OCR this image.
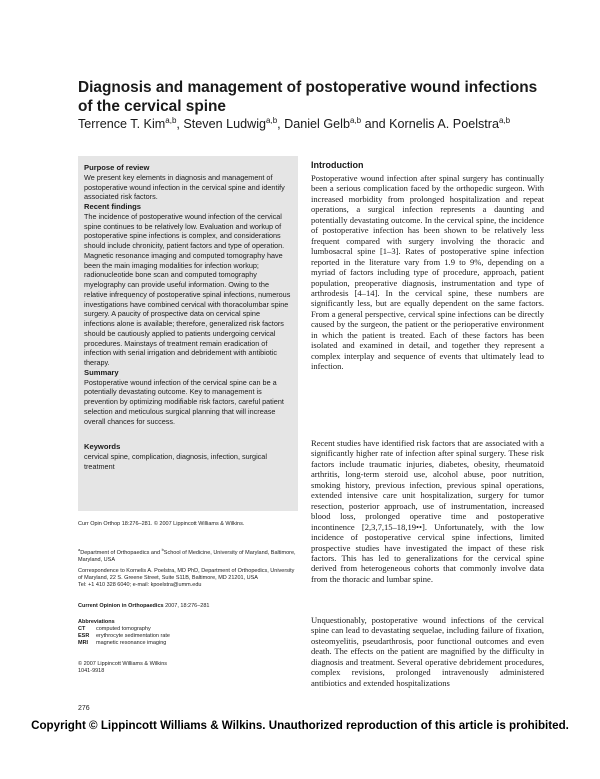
Diagnosis and management of postoperative wound infections of the cervical spine
Terrence T. Kim$^{a,b}$, Steven Ludwig$^{a,b}$, Daniel Gelb$^{a,b}$ and Kornelis A. Poelstra$^{a,b}$
Purpose of review

We present key elements in diagnosis and management of postoperative wound infection in the cervical spine and identify associated risk factors.

Recent findings

The incidence of postoperative wound infection of the cervical spine continues to be relatively low. Evaluation and workup of postoperative spine infections is complex, and considerations should include chronicity, patient factors and type of operation. Magnetic resonance imaging and computed tomography have been the main imaging modalities for infection workup; radionucleotide bone scan and computed tomography myelography can provide useful information. Owing to the relative infrequency of postoperative spinal infections, numerous investigations have combined cervical with thoracolumbar spine surgery. A paucity of prospective data on cervical spine infections alone is available; therefore, generalized risk factors should be cautiously applied to patients undergoing cervical procedures. Mainstays of treatment remain eradication of infection with serial irrigation and debridement with antibiotic therapy.

Summary

Postoperative wound infection of the cervical spine can be a potentially devastating outcome. Key to management is prevention by optimizing modifiable risk factors, careful patient selection and meticulous surgical planning that will increase overall chances for success.

Keywords

cervical spine, complication, diagnosis, infection, surgical treatment

Curr Opin Orthop 18:276–281. © 2007 Lippincott Williams & Wilkins.

$^a$Department of Orthopaedics and $^b$School of Medicine, University of Maryland, Baltimore, Maryland, USA

Correspondence to Kornelis A. Poelstra, MD PhD, Department of Orthopedics, University of Maryland, 22 S. Greene Street, Suite S11B, Baltimore, MD 21201, USA

Tel: +1 410 328 6040; e-mail: kpoelstra@umm.edu

Current Opinion in Orthopaedics 2007, 18:276–281

Abbreviations

CT	computed tomography
ESR	erythrocyte sedimentation rate
MRI	magnetic resonance imaging

© 2007 Lippincott Williams & Wilkins

1041-9918

Introduction

Postoperative wound infection after spinal surgery has continually been a serious complication faced by the orthopedic surgeon. With increased morbidity from prolonged hospitalization and repeat operations, a surgical infection represents a daunting and potentially devastating outcome. In the cervical spine, the incidence of postoperative infection has been shown to be relatively less frequent compared with surgery involving the thoracic and lumbosacral spine [1–3]. Rates of postoperative spine infection reported in the literature vary from 1.9 to 9%, depending on a myriad of factors including type of procedure, approach, patient population, preoperative diagnosis, instrumentation and type of arthrodesis [4–14]. In the cervical spine, these numbers are significantly less, but are equally dependent on the same factors. From a general perspective, cervical spine infections can be directly caused by the surgeon, the patient or the perioperative environment in which the patient is treated. Each of these factors has been isolated and examined in detail, and together they represent a complex interplay and sequence of events that ultimately lead to infection.

Recent studies have identified risk factors that are associated with a significantly higher rate of infection after spinal surgery. These risk factors include traumatic injuries, diabetes, obesity, rheumatoid arthritis, long-term steroid use, alcohol abuse, poor nutrition, smoking history, previous infection, previous spinal operations, extended intensive care unit hospitalization, surgery for tumor resection, posterior approach, use of instrumentation, increased blood loss, prolonged operative time and postoperative incontinence [2,3,7,15–18,19••]. Unfortunately, with the low incidence of postoperative cervical spine infections, limited prospective studies have investigated the impact of these risk factors. This has led to generalizations for the cervical spine derived from heterogeneous cohorts that commonly involve data from the thoracic and lumbar spine.

Unquestionably, postoperative wound infections of the cervical spine can lead to devastating sequelae, including failure of fixation, osteomyelitis, pseudarthrosis, poor functional outcomes and even death. The effects on the patient are magnified by the difficulty in diagnosis and treatment. Several operative debridement procedures, complex revisions, prolonged intravenously administered antibiotics and extended hospitalizations

276

Copyright © Lippincott Williams & Wilkins. Unauthorized reproduction of this article is prohibited.
